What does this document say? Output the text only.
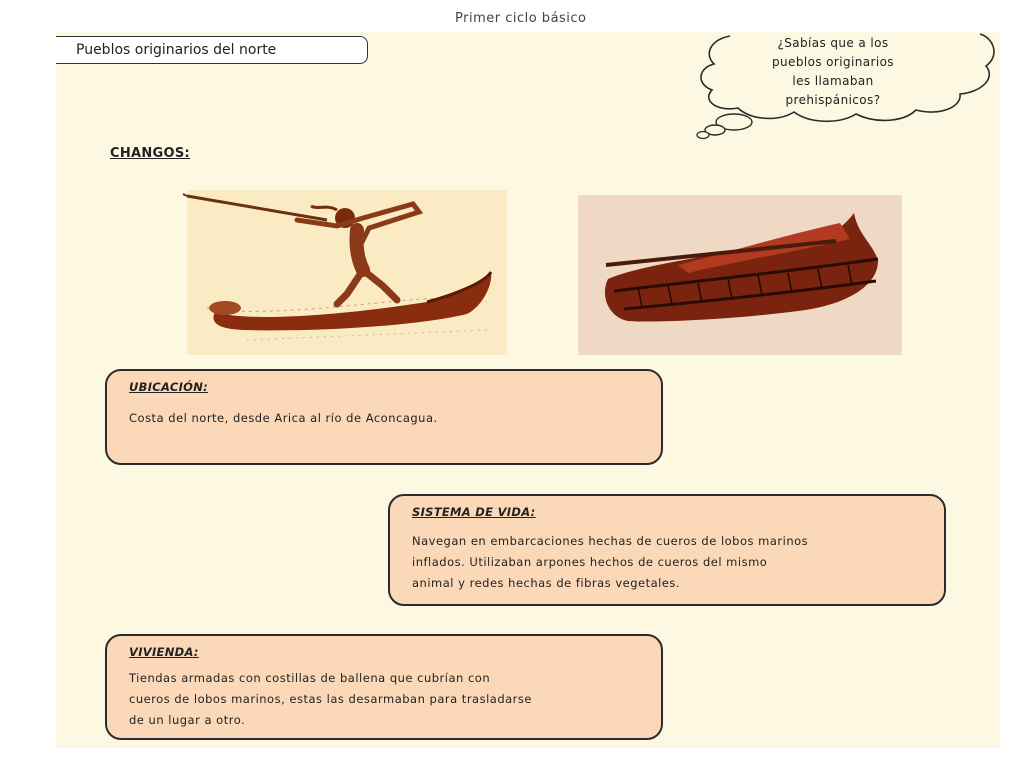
Primer ciclo básico
Pueblos originarios del norte	¿Sabías que a los
pueblos originarios
les llamaban
prehispánicos?
CHANGOS:
UBICACIÓN:
Costa del norte, desde Arica al río de Aconcagua.
SISTEMA DE VIDA:
Navegan en embarcaciones hechas de cueros de lobos marinos
inflados. Utilizaban arpones hechos de cueros del mismo
animal y redes hechas de fibras vegetales.
VIVIENDA:
Tiendas armadas con costillas de ballena que cubrían con
cueros de lobos marinos, estas las desarmaban para trasladarse
de un lugar a otro.
